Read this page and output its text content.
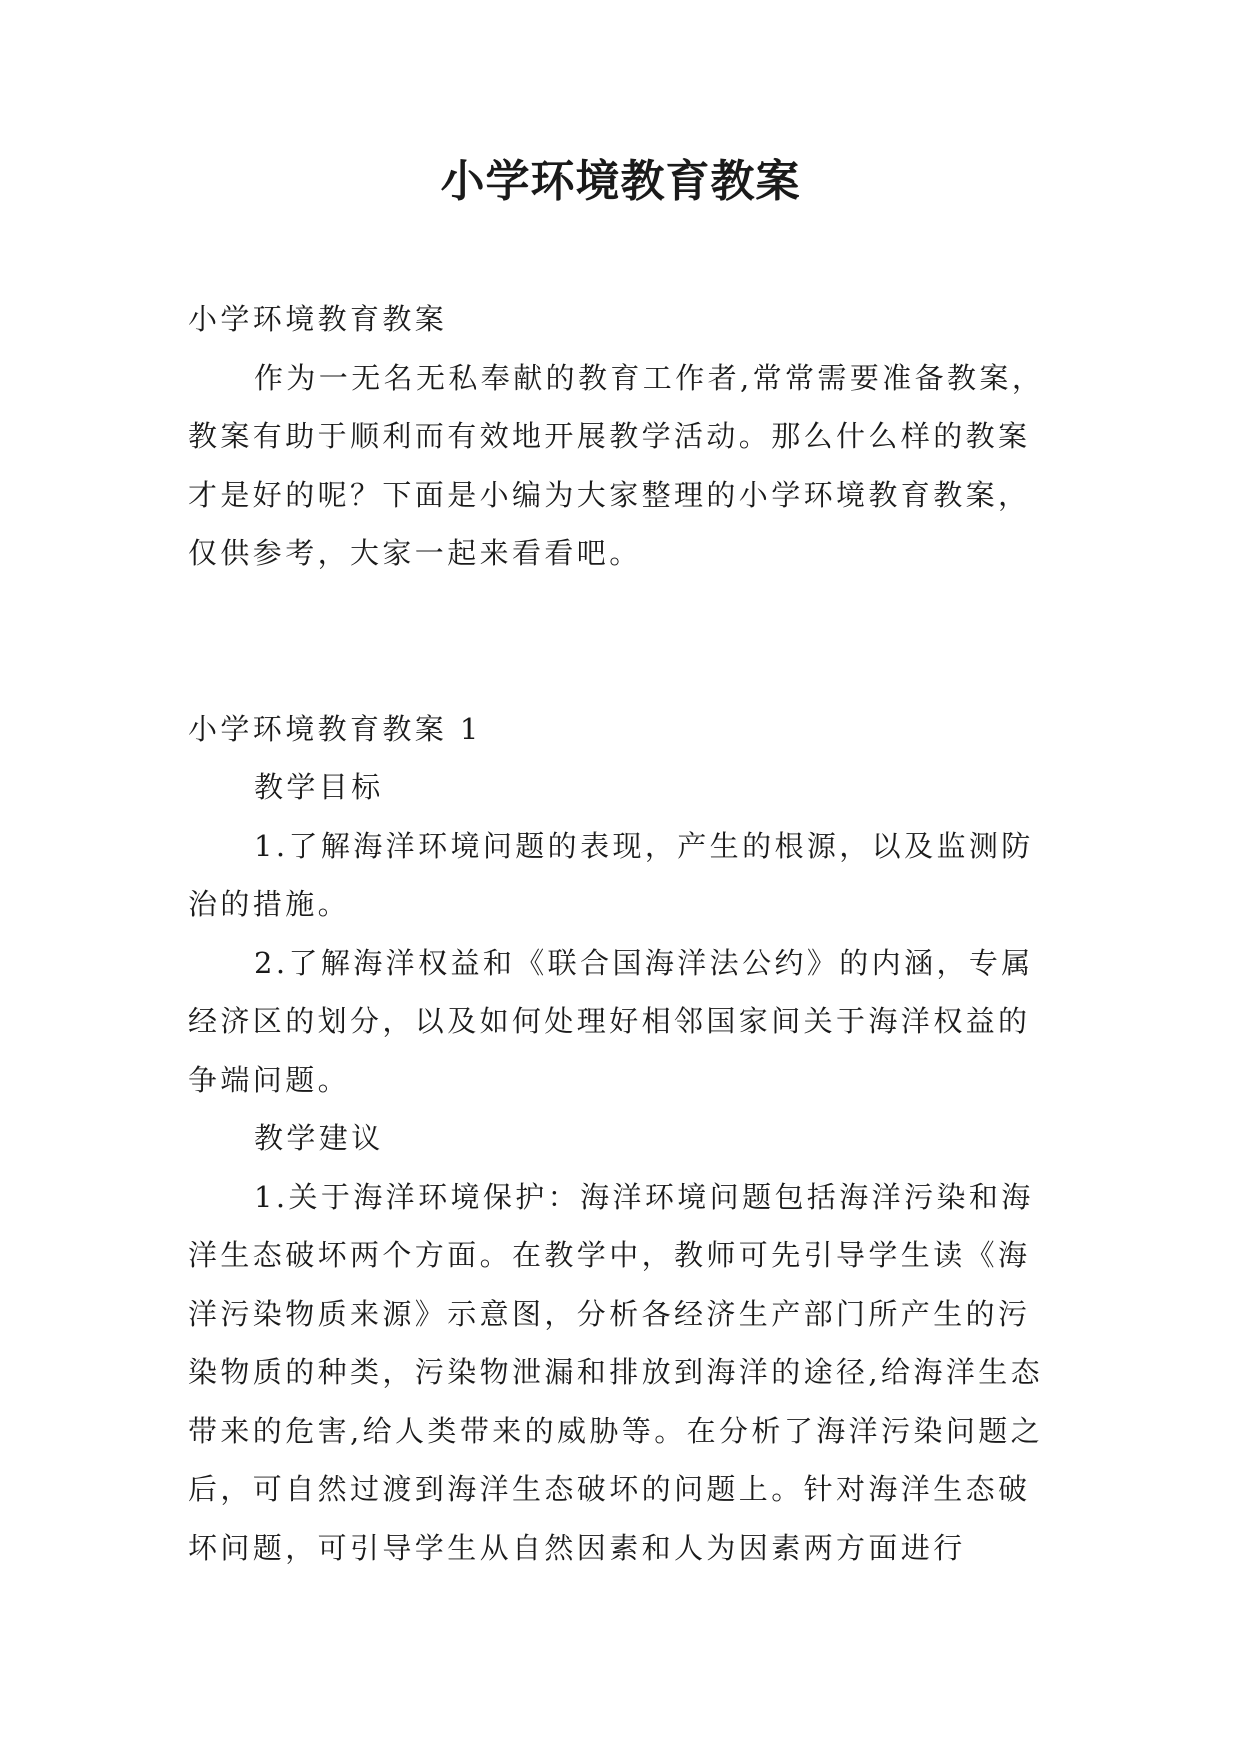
小学环境教育教案

小学环境教育教案

作为一无名无私奉献的教育工作者,常常需要准备教案，教案有助于顺利而有效地开展教学活动。那么什么样的教案才是好的呢？下面是小编为大家整理的小学环境教育教案，仅供参考，大家一起来看看吧。

小学环境教育教案 1

教学目标

1.了解海洋环境问题的表现，产生的根源，以及监测防治的措施。

2.了解海洋权益和《联合国海洋法公约》的内涵，专属经济区的划分，以及如何处理好相邻国家间关于海洋权益的争端问题。

教学建议

1.关于海洋环境保护：海洋环境问题包括海洋污染和海洋生态破坏两个方面。在教学中，教师可先引导学生读《海洋污染物质来源》示意图，分析各经济生产部门所产生的污染物质的种类，污染物泄漏和排放到海洋的途径,给海洋生态带来的危害,给人类带来的威胁等。在分析了海洋污染问题之后，可自然过渡到海洋生态破坏的问题上。针对海洋生态破坏问题，可引导学生从自然因素和人为因素两方面进行
